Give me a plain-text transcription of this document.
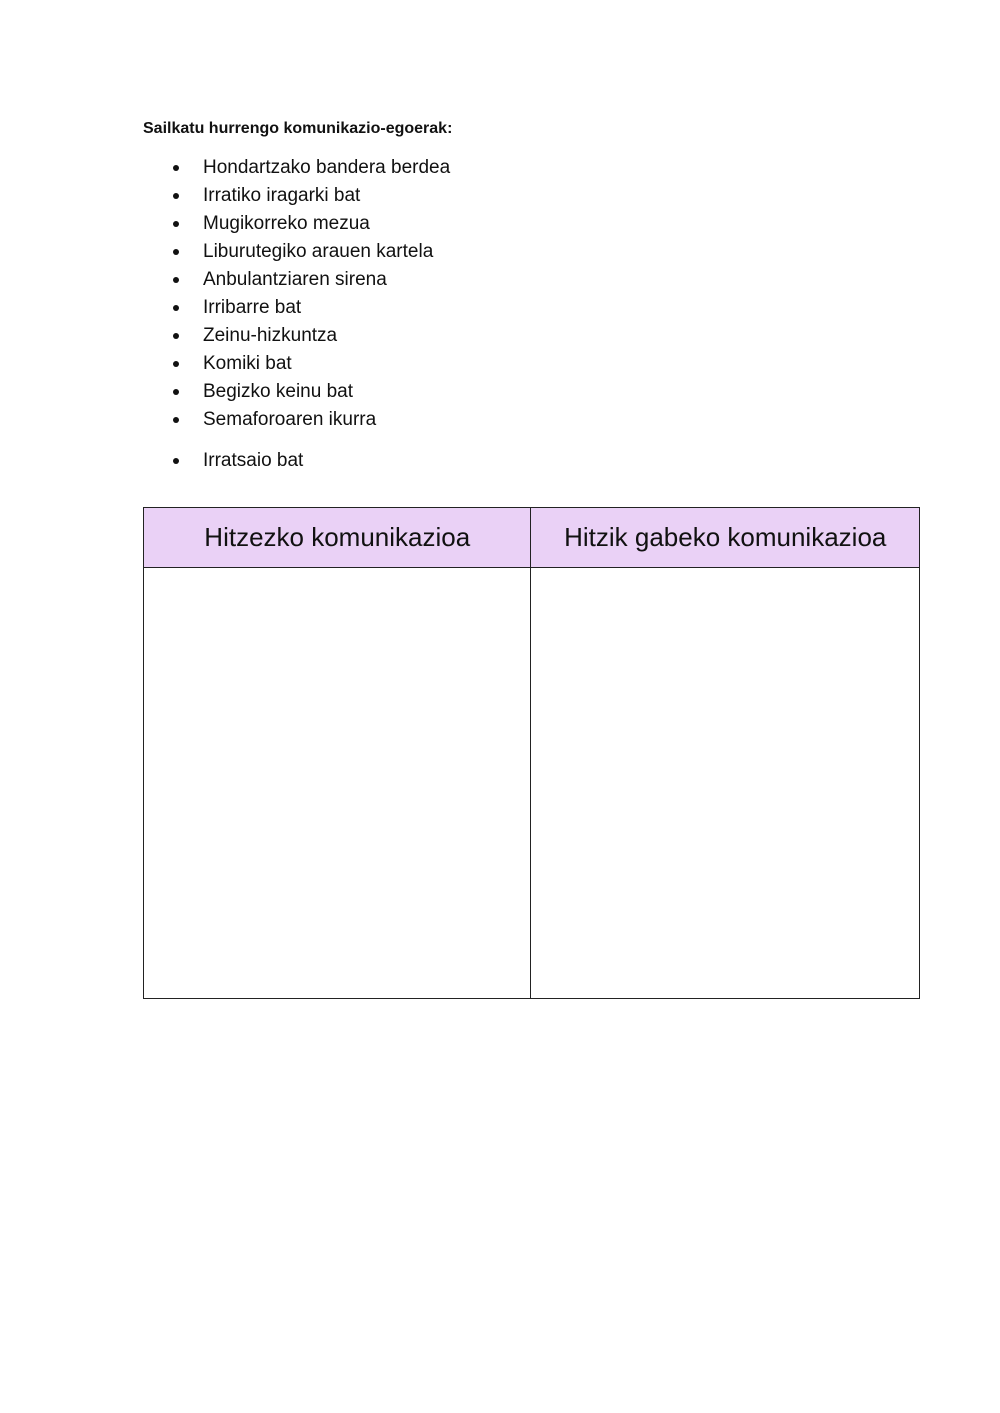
Sailkatu hurrengo komunikazio-egoerak:
Hondartzako bandera berdea
Irratiko iragarki bat
Mugikorreko mezua
Liburutegiko arauen kartela
Anbulantziaren sirena
Irribarre bat
Zeinu-hizkuntza
Komiki bat
Begizko keinu bat
Semaforoaren ikurra
Irratsaio bat
Hitzezko komunikazioa	Hitzik gabeko komunikazioa
